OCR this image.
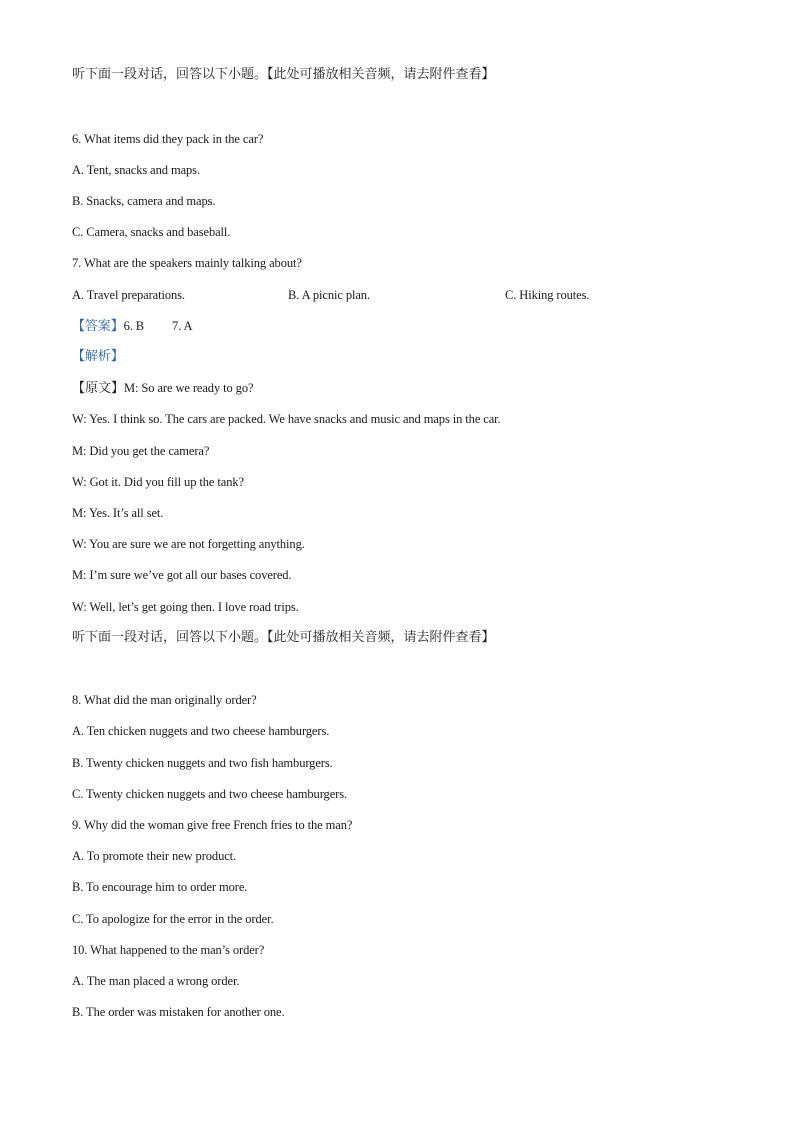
听下面一段对话，回答以下小题。【此处可播放相关音频，请去附件查看】
6. What items did they pack in the car?
A. Tent, snacks and maps.
B. Snacks, camera and maps.
C. Camera, snacks and baseball.
7. What are the speakers mainly talking about?
A. Travel preparations.	B. A picnic plan.	C. Hiking routes.
【答案】6. B 7. A
【解析】
【原文】M: So are we ready to go?
W: Yes. I think so. The cars are packed. We have snacks and music and maps in the car.
M: Did you get the camera?
W: Got it. Did you fill up the tank?
M: Yes. It’s all set.
W: You are sure we are not forgetting anything.
M: I’m sure we’ve got all our bases covered.
W: Well, let’s get going then. I love road trips.
听下面一段对话，回答以下小题。【此处可播放相关音频，请去附件查看】
8. What did the man originally order?
A. Ten chicken nuggets and two cheese hamburgers.
B. Twenty chicken nuggets and two fish hamburgers.
C. Twenty chicken nuggets and two cheese hamburgers.
9. Why did the woman give free French fries to the man?
A. To promote their new product.
B. To encourage him to order more.
C. To apologize for the error in the order.
10. What happened to the man’s order?
A. The man placed a wrong order.
B. The order was mistaken for another one.
